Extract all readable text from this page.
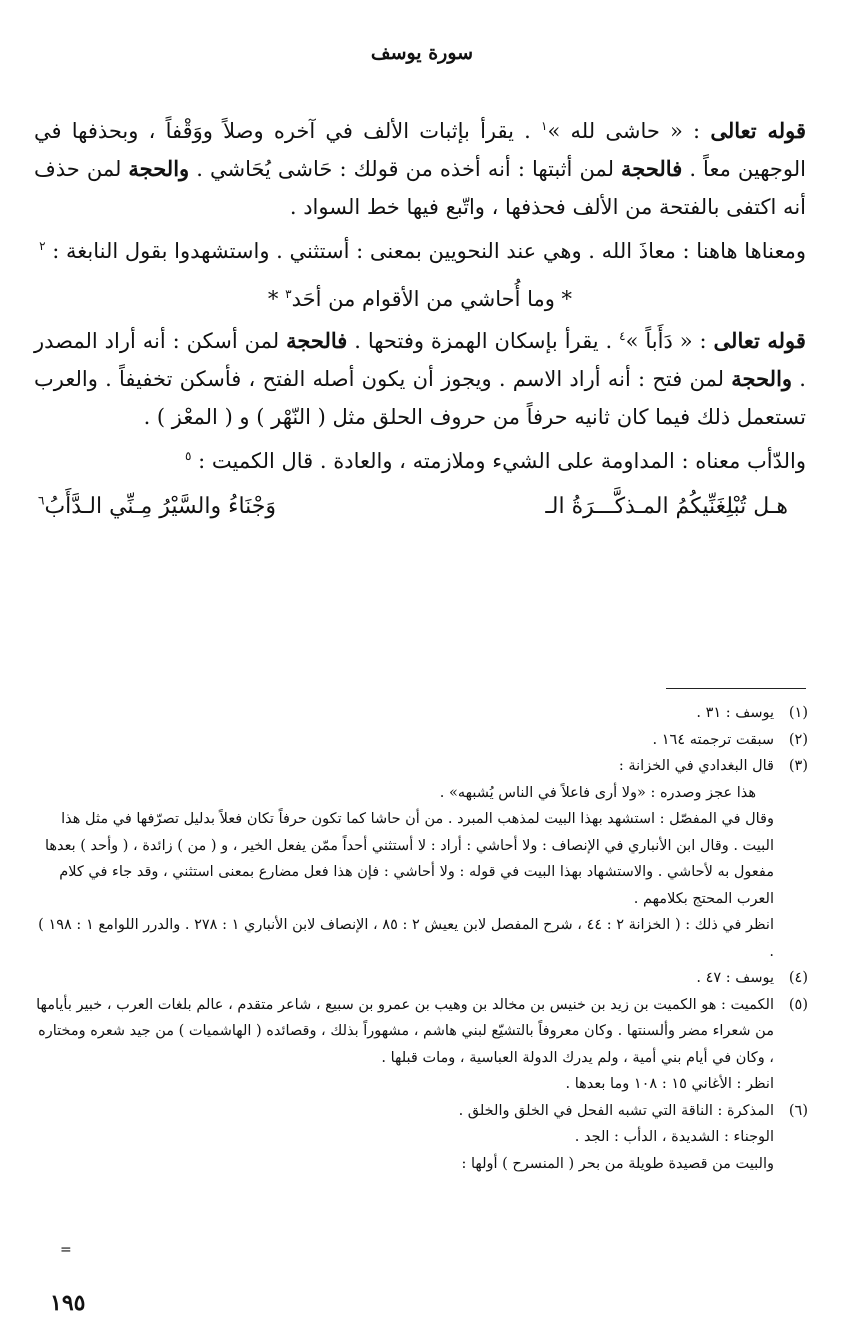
سورة يوسف

قوله تعالى : « حاشى لله »$^١$ . يقرأ بإثبات الألف في آخره وصلاً ووَقْفاً ، وبحذفها في الوجهين معاً . فالحجة لمن أثبتها : أنه أخذه من قولك : حَاشى يُحَاشي . والحجة لمن حذف أنه اكتفى بالفتحة من الألف فحذفها ، واتّبع فيها خط السواد .

ومعناها هاهنا : معاذَ الله . وهي عند النحويين بمعنى : أستثني . واستشهدوا بقول النابغة : $^٢$

* وما أُحاشي من الأقوام من أحَد$^٣$ *

قوله تعالى : « دَأَباً »$^٤$ . يقرأ بإسكان الهمزة وفتحها . فالحجة لمن أسكن : أنه أراد المصدر . والحجة لمن فتح : أنه أراد الاسم . ويجوز أن يكون أصله الفتح ، فأسكن تخفيفاً . والعرب تستعمل ذلك فيما كان ثانيه حرفاً من حروف الحلق مثل ( النّهْر ) و ( المعْز ) .

والدّأب معناه : المداومة على الشيء وملازمته ، والعادة . قال الكميت : $^٥$

هـل تُبْلِغَنِّيكُمُ المـذكَّـــرَةُ الـ
وَجْنَاءُ والسَّيْرُ مِـنِّي الـدَّأَبُ$^٦$
(١)

يوسف : ٣١ .

(٢)

سبقت ترجمته ١٦٤ .

(٣)

قال البغدادي في الخزانة :

هذا عجز وصدره : «ولا أرى فاعلاً في الناس يُشبهه» .

وقال في المفصّل : استشهد بهذا البيت لمذهب المبرد . من أن حاشا كما تكون حرفاً تكان فعلاً بدليل تصرّفها في مثل هذا البيت . وقال ابن الأنباري في الإنصاف : ولا أحاشي : أراد : لا أستثني أحداً ممّن يفعل الخير ، و ( من ) زائدة ، ( وأحد ) بعدها مفعول به لأحاشي . والاستشهاد بهذا البيت في قوله : ولا أحاشي : فإن هذا فعل مضارع بمعنى استثني ، وقد جاء في كلام العرب المحتج بكلامهم .

انظر في ذلك : ( الخزانة ٢ : ٤٤ ، شرح المفصل لابن يعيش ٢ : ٨٥ ، الإنصاف لابن الأنباري ١ : ٢٧٨ . والدرر اللوامع ١ : ١٩٨ ) .

(٤)

يوسف : ٤٧ .

(٥)

الكميت : هو الكميت بن زيد بن خنيس بن مخالد بن وهيب بن عمرو بن سبيع ، شاعر متقدم ، عالم بلغات العرب ، خبير بأيامها من شعراء مضر وألسنتها . وكان معروفاً بالتشيّع لبني هاشم ، مشهوراً بذلك ، وقصائده ( الهاشميات ) من جيد شعره ومختاره ، وكان في أيام بني أمية ، ولم يدرك الدولة العباسية ، ومات قبلها .

انظر : الأغاني ١٥ : ١٠٨ وما بعدها .

(٦)

المذكرة : الناقة التي تشبه الفحل في الخلق والخلق .

الوجناء : الشديدة ، الدأب : الجد .

والبيت من قصيدة طويلة من بحر ( المنسرح ) أولها :

=
١٩٥
